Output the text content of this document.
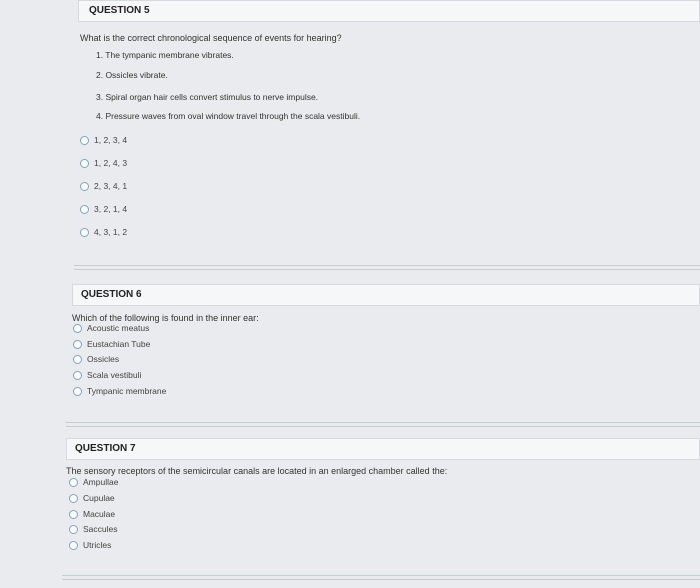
QUESTION 5
What is the correct chronological sequence of events for hearing?
1. The tympanic membrane vibrates.
2. Ossicles vibrate.
3. Spiral organ hair cells convert stimulus to nerve impulse.
4. Pressure waves from oval window travel through the scala vestibuli.
1, 2, 3, 4
1, 2, 4, 3
2, 3, 4, 1
3, 2, 1, 4
4, 3, 1, 2
QUESTION 6
Which of the following is found in the inner ear:
Acoustic meatus
Eustachian Tube
Ossicles
Scala vestibuli
Tympanic membrane
QUESTION 7
The sensory receptors of the semicircular canals are located in an enlarged chamber called the:
Ampullae
Cupulae
Maculae
Saccules
Utricles
